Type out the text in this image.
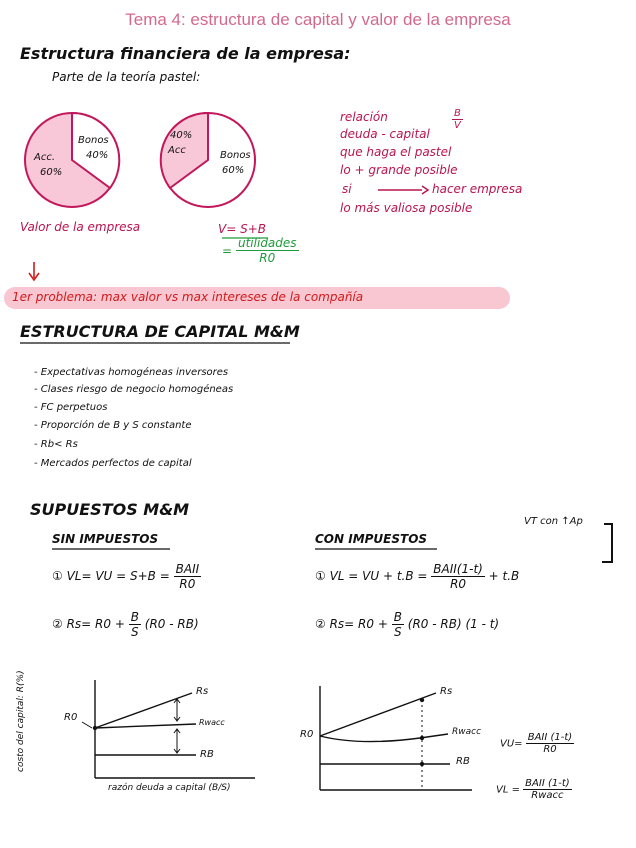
Tema 4: estructura de capital y valor de la empresa
Estructura financiera de la empresa:
Parte de la teoría pastel:
Bonos
40%
Acc.
60%
40%
Acc	Bonos
60%
relación
deuda - capital
que haga el pastel
lo + grande posible
si	hacer empresa
lo más valiosa posible
$\frac{B}{V}$
Valor de la empresa	V= S+B
= $\frac{\text{utilidades}}{R0}$
1er problema: max valor vs max intereses de la compañía
ESTRUCTURA DE CAPITAL M&M
- Expectativas homogéneas inversores
- Clases riesgo de negocio homogéneas
- FC perpetuos
- Proporción de B y S constante
- Rb< Rs
- Mercados perfectos de capital
SUPUESTOS M&M
VT con ↑Ap
SIN IMPUESTOS
① VL= VU = $S+B = \frac{\text{BAII}}{R0}$
② $Rs= R0 + \frac{B}{S} (R0 - RB)$
CON IMPUESTOS
① VL = VU + $t.B = \frac{\text{BAII(1-t)}}{R0} + t.B$
② $Rs= R0 + \frac{B}{S} (R0 - RB)$ (1 - t)
costo del capital: R(%)
razón deuda a capital (B/S)
R0
Rs
Rwacc
RB
R0
Rs
Rwacc
RB
$VU= \frac{\text{BAII (1-t)}}{R0}$
VL = $\frac{\text{BAII (1-t)}}{\text{Rwacc}}$
